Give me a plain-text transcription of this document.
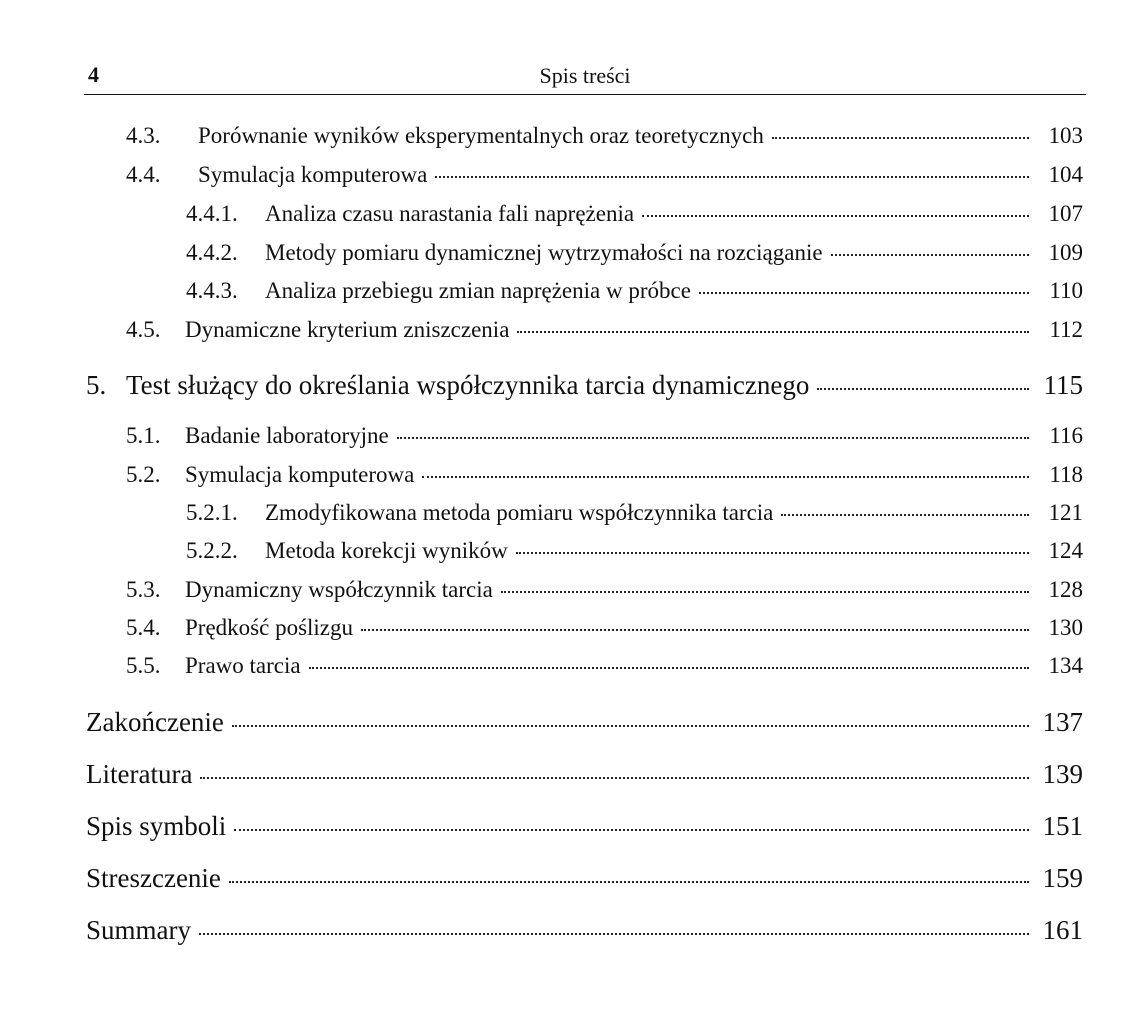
4	Spis treści
4.3.	Porównanie wyników eksperymentalnych oraz teoretycznych	103
4.4.	Symulacja komputerowa	104
4.4.1.	Analiza czasu narastania fali naprężenia	107
4.4.2.	Metody pomiaru dynamicznej wytrzymałości na rozciąganie	109
4.4.3.	Analiza przebiegu zmian naprężenia w próbce	110
4.5.	Dynamiczne kryterium zniszczenia	112
5. Test służący do określania współczynnika tarcia dynamicznego	115
5.1.	Badanie laboratoryjne	116
5.2.	Symulacja komputerowa	118
5.2.1.	Zmodyfikowana metoda pomiaru współczynnika tarcia	121
5.2.2.	Metoda korekcji wyników	124
5.3.	Dynamiczny współczynnik tarcia	128
5.4.	Prędkość poślizgu	130
5.5.	Prawo tarcia	134
Zakończenie	137
Literatura	139
Spis symboli	151
Streszczenie	159
Summary	161
